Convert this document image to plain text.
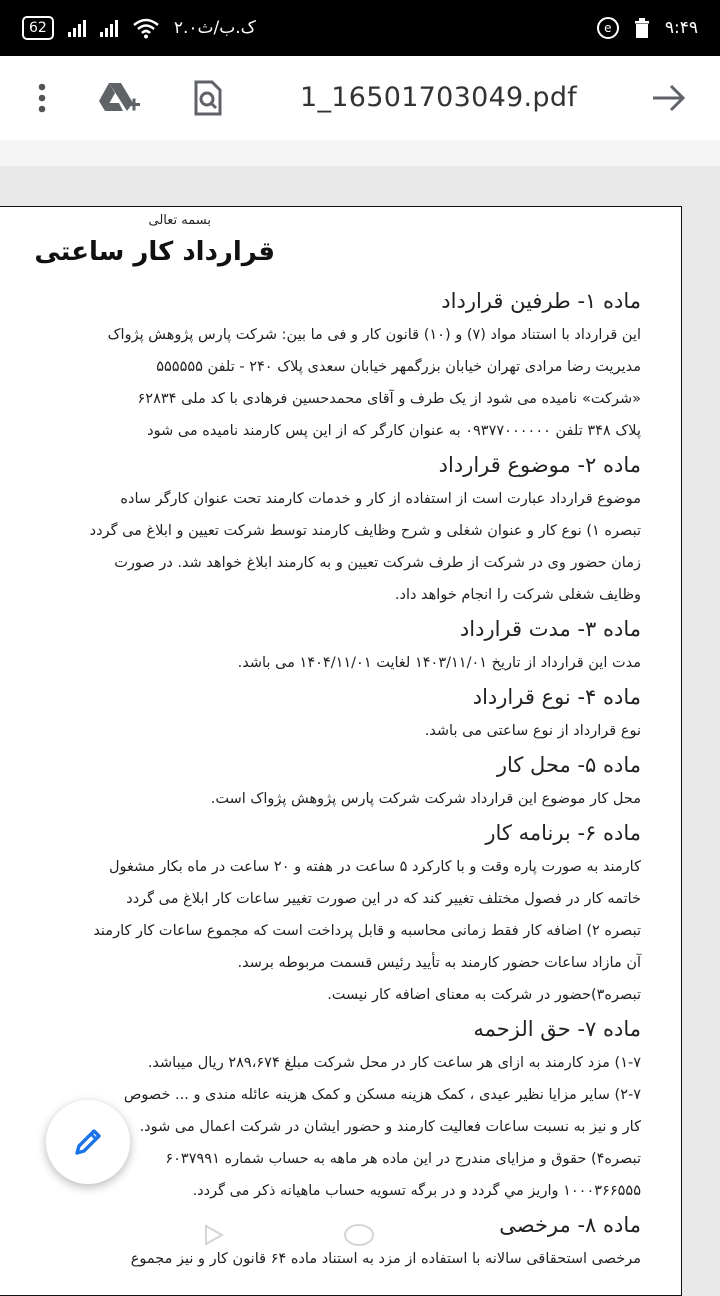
62	۲.۰ک.ب/ث	e	۹:۴۹
1_16501703049.pdf
بسمه تعالی
قرارداد کار ساعتی
ماده ۱- طرفین قرارداد
این قرارداد با استناد مواد (۷) و (۱۰) قانون کار و فی ما بین: شرکت پارس پژوهش پژواک
مدیریت رضا مرادی تهران خیابان بزرگمهر خیابان سعدی پلاک ۲۴۰ - تلفن ۵۵۵۵۵۵
«شرکت» نامیده می شود از یک طرف و آقای محمدحسین فرهادی با کد ملی ۶۲۸۳۴
پلاک ۳۴۸ تلفن ۰۹۳۷۷۰۰۰۰۰۰ به عنوان کارگر که از این پس کارمند نامیده می شود
ماده ۲- موضوع قرارداد
موضوع قرارداد عبارت است از استفاده از کار و خدمات کارمند تحت عنوان کارگر ساده
تبصره ۱) نوع کار و عنوان شغلی و شرح وظایف کارمند توسط شرکت تعیین و ابلاغ می گردد
زمان حضور وی در شرکت از طرف شرکت تعیین و به کارمند ابلاغ خواهد شد. در صورت
وظایف شغلی شرکت را انجام خواهد داد.
ماده ۳- مدت قرارداد
مدت این قرارداد از تاریخ ۱۴۰۳/۱۱/۰۱ لغایت ۱۴۰۴/۱۱/۰۱ می باشد.
ماده ۴- نوع قرارداد
نوع قرارداد از نوع ساعتی می باشد.
ماده ۵- محل کار
محل کار موضوع این قرارداد شرکت شرکت پارس پژوهش پژواک است.
ماده ۶- برنامه کار
کارمند به صورت پاره وقت و با کارکرد ۵ ساعت در هفته و ۲۰ ساعت در ماه بکار مشغول
خاتمه کار در فصول مختلف تغییر کند که در این صورت تغییر ساعات کار ابلاغ می گردد
تبصره ۲) اضافه کار فقط زمانی محاسبه و قابل پرداخت است که مجموع ساعات کار کارمند
آن مازاد ساعات حضور کارمند به تأیید رئیس قسمت مربوطه برسد.
تبصره۳)حضور در شرکت به معنای اضافه کار نیست.
ماده ۷- حق الزحمه
۱-۷) مزد کارمند به ازای هر ساعت کار در محل شرکت مبلغ ۲۸۹،۶۷۴ ریال میباشد.
۲-۷) سایر مزایا نظیر عیدی ، کمک هزینه مسکن و کمک هزینه عائله مندی و ... خصوص
کار و نیز به نسبت ساعات فعالیت کارمند و حضور ایشان در شرکت اعمال می شود.
تبصره۴) حقوق و مزایای مندرج در این ماده هر ماهه به حساب شماره ۶۰۳۷۹۹۱
۱۰۰۰۳۶۶۵۵۵ واریز مي گردد و در برگه تسویه حساب ماهیانه ذکر می گردد.
ماده ۸- مرخصی
مرخصی استحقاقی سالانه با استفاده از مزد به استناد ماده ۶۴ قانون کار و نیز مجموع
